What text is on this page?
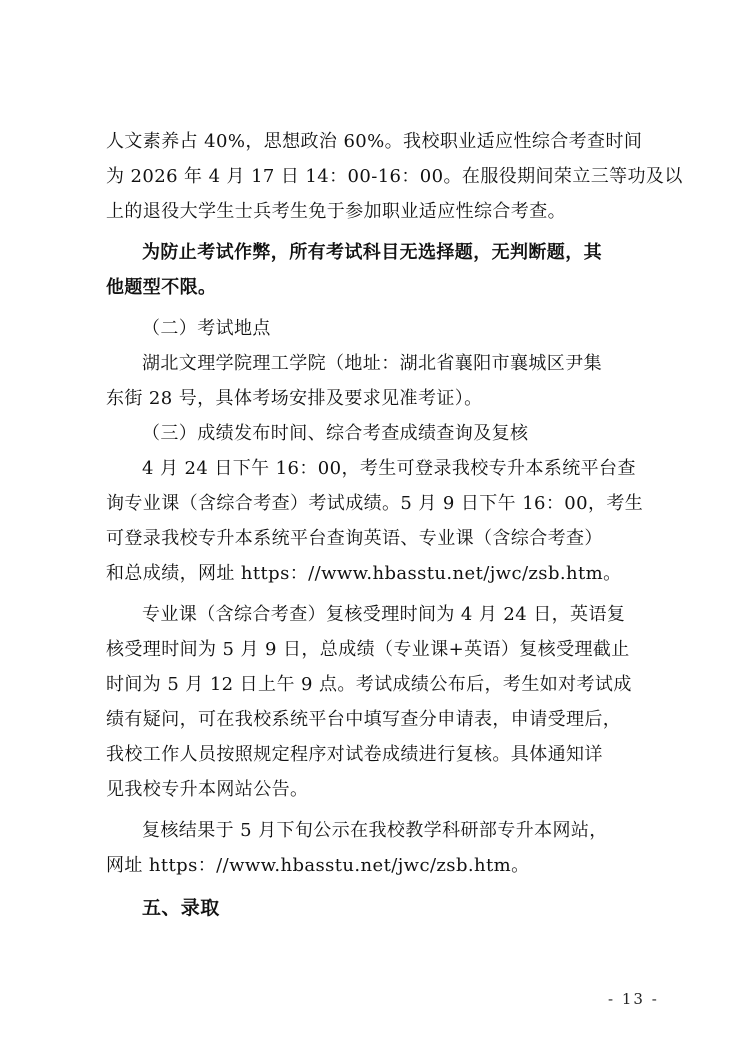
人文素养占 40%，思想政治 60%。我校职业适应性综合考查时间
为 2026 年 4 月 17 日 14：00-16：00。在服役期间荣立三等功及以
上的退役大学生士兵考生免于参加职业适应性综合考查。
为防止考试作弊，所有考试科目无选择题，无判断题，其
他题型不限。
（二）考试地点
湖北文理学院理工学院（地址：湖北省襄阳市襄城区尹集
东街 28 号，具体考场安排及要求见准考证）。
（三）成绩发布时间、综合考查成绩查询及复核
4 月 24 日下午 16：00，考生可登录我校专升本系统平台查
询专业课（含综合考查）考试成绩。5 月 9 日下午 16：00，考生
可登录我校专升本系统平台查询英语、专业课（含综合考查）
和总成绩，网址 https：//www.hbasstu.net/jwc/zsb.htm。
专业课（含综合考查）复核受理时间为 4 月 24 日，英语复
核受理时间为 5 月 9 日，总成绩（专业课+英语）复核受理截止
时间为 5 月 12 日上午 9 点。考试成绩公布后，考生如对考试成
绩有疑问，可在我校系统平台中填写查分申请表，申请受理后，
我校工作人员按照规定程序对试卷成绩进行复核。具体通知详
见我校专升本网站公告。
复核结果于 5 月下旬公示在我校教学科研部专升本网站，
网址 https：//www.hbasstu.net/jwc/zsb.htm。
五、录取
- 13 -
